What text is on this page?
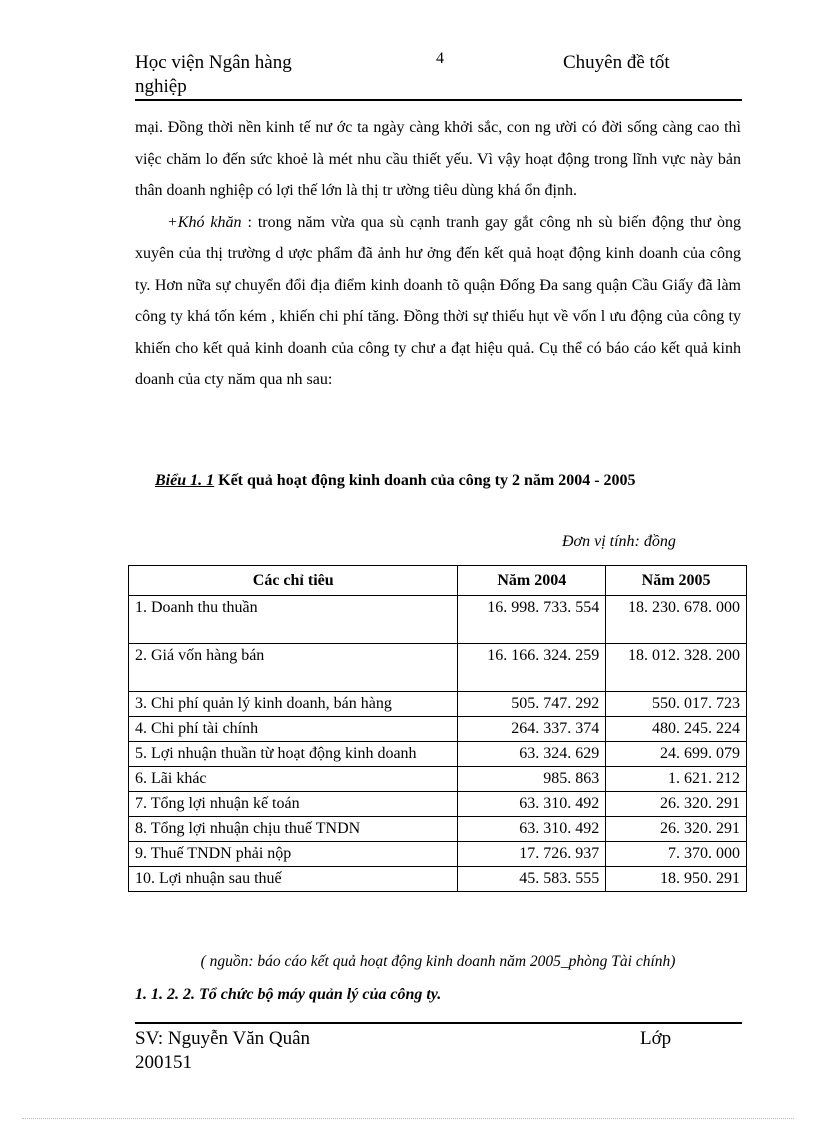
Học viện Ngân hàng
nghiệp
4	Chuyên đề tốt

mại. Đồng thời nền kinh tế nư ớc ta ngày càng khởi sắc, con ng ười có đời sống càng cao thì việc chăm lo đến sức khoẻ là mét nhu cầu thiết yếu. Vì vậy hoạt động trong lĩnh vực này bản thân doanh nghiệp có lợi thế lớn là thị tr ường tiêu dùng khá ổn định.

+Khó khăn : trong năm vừa qua sù cạnh tranh gay gắt công nh sù biến động thư òng xuyên của thị trường d ược phẩm đã ảnh hư ởng đến kết quả hoạt động kinh doanh của công ty. Hơn nữa sự chuyển đổi địa điểm kinh doanh tõ quận Đống Đa sang quận Cầu Giấy đã làm công ty khá tốn kém , khiến chi phí tăng. Đồng thời sự thiếu hụt về vốn l ưu động của công ty khiến cho kết quả kinh doanh của công ty chư a đạt hiệu quả. Cụ thể có báo cáo kết quả kinh doanh của cty năm qua nh sau:

Biểu 1. 1 Kết quả hoạt động kinh doanh của công ty 2 năm 2004 - 2005
Đơn vị tính: đồng
Các chỉ tiêu	Năm 2004	Năm 2005
1. Doanh thu thuần	16. 998. 733. 554	18. 230. 678. 000
2. Giá vốn hàng bán	16. 166. 324. 259	18. 012. 328. 200
3. Chi phí quản lý kinh doanh, bán hàng	505. 747. 292	550. 017. 723
4. Chi phí tài chính	264. 337. 374	480. 245. 224
5. Lợi nhuận thuần từ hoạt động kinh doanh	63. 324. 629	24. 699. 079
6. Lãi khác	985. 863	1. 621. 212
7. Tổng lợi nhuận kế toán	63. 310. 492	26. 320. 291
8. Tổng lợi nhuận chịu thuế TNDN	63. 310. 492	26. 320. 291
9. Thuế TNDN phải nộp	17. 726. 937	7. 370. 000
10. Lợi nhuận sau thuế	45. 583. 555	18. 950. 291
( nguồn: báo cáo kết quả hoạt động kinh doanh năm 2005_phòng Tài chính)
1. 1. 2. 2. Tổ chức bộ máy quản lý của công ty.
SV: Nguyễn Văn Quân
200151
Lớp
